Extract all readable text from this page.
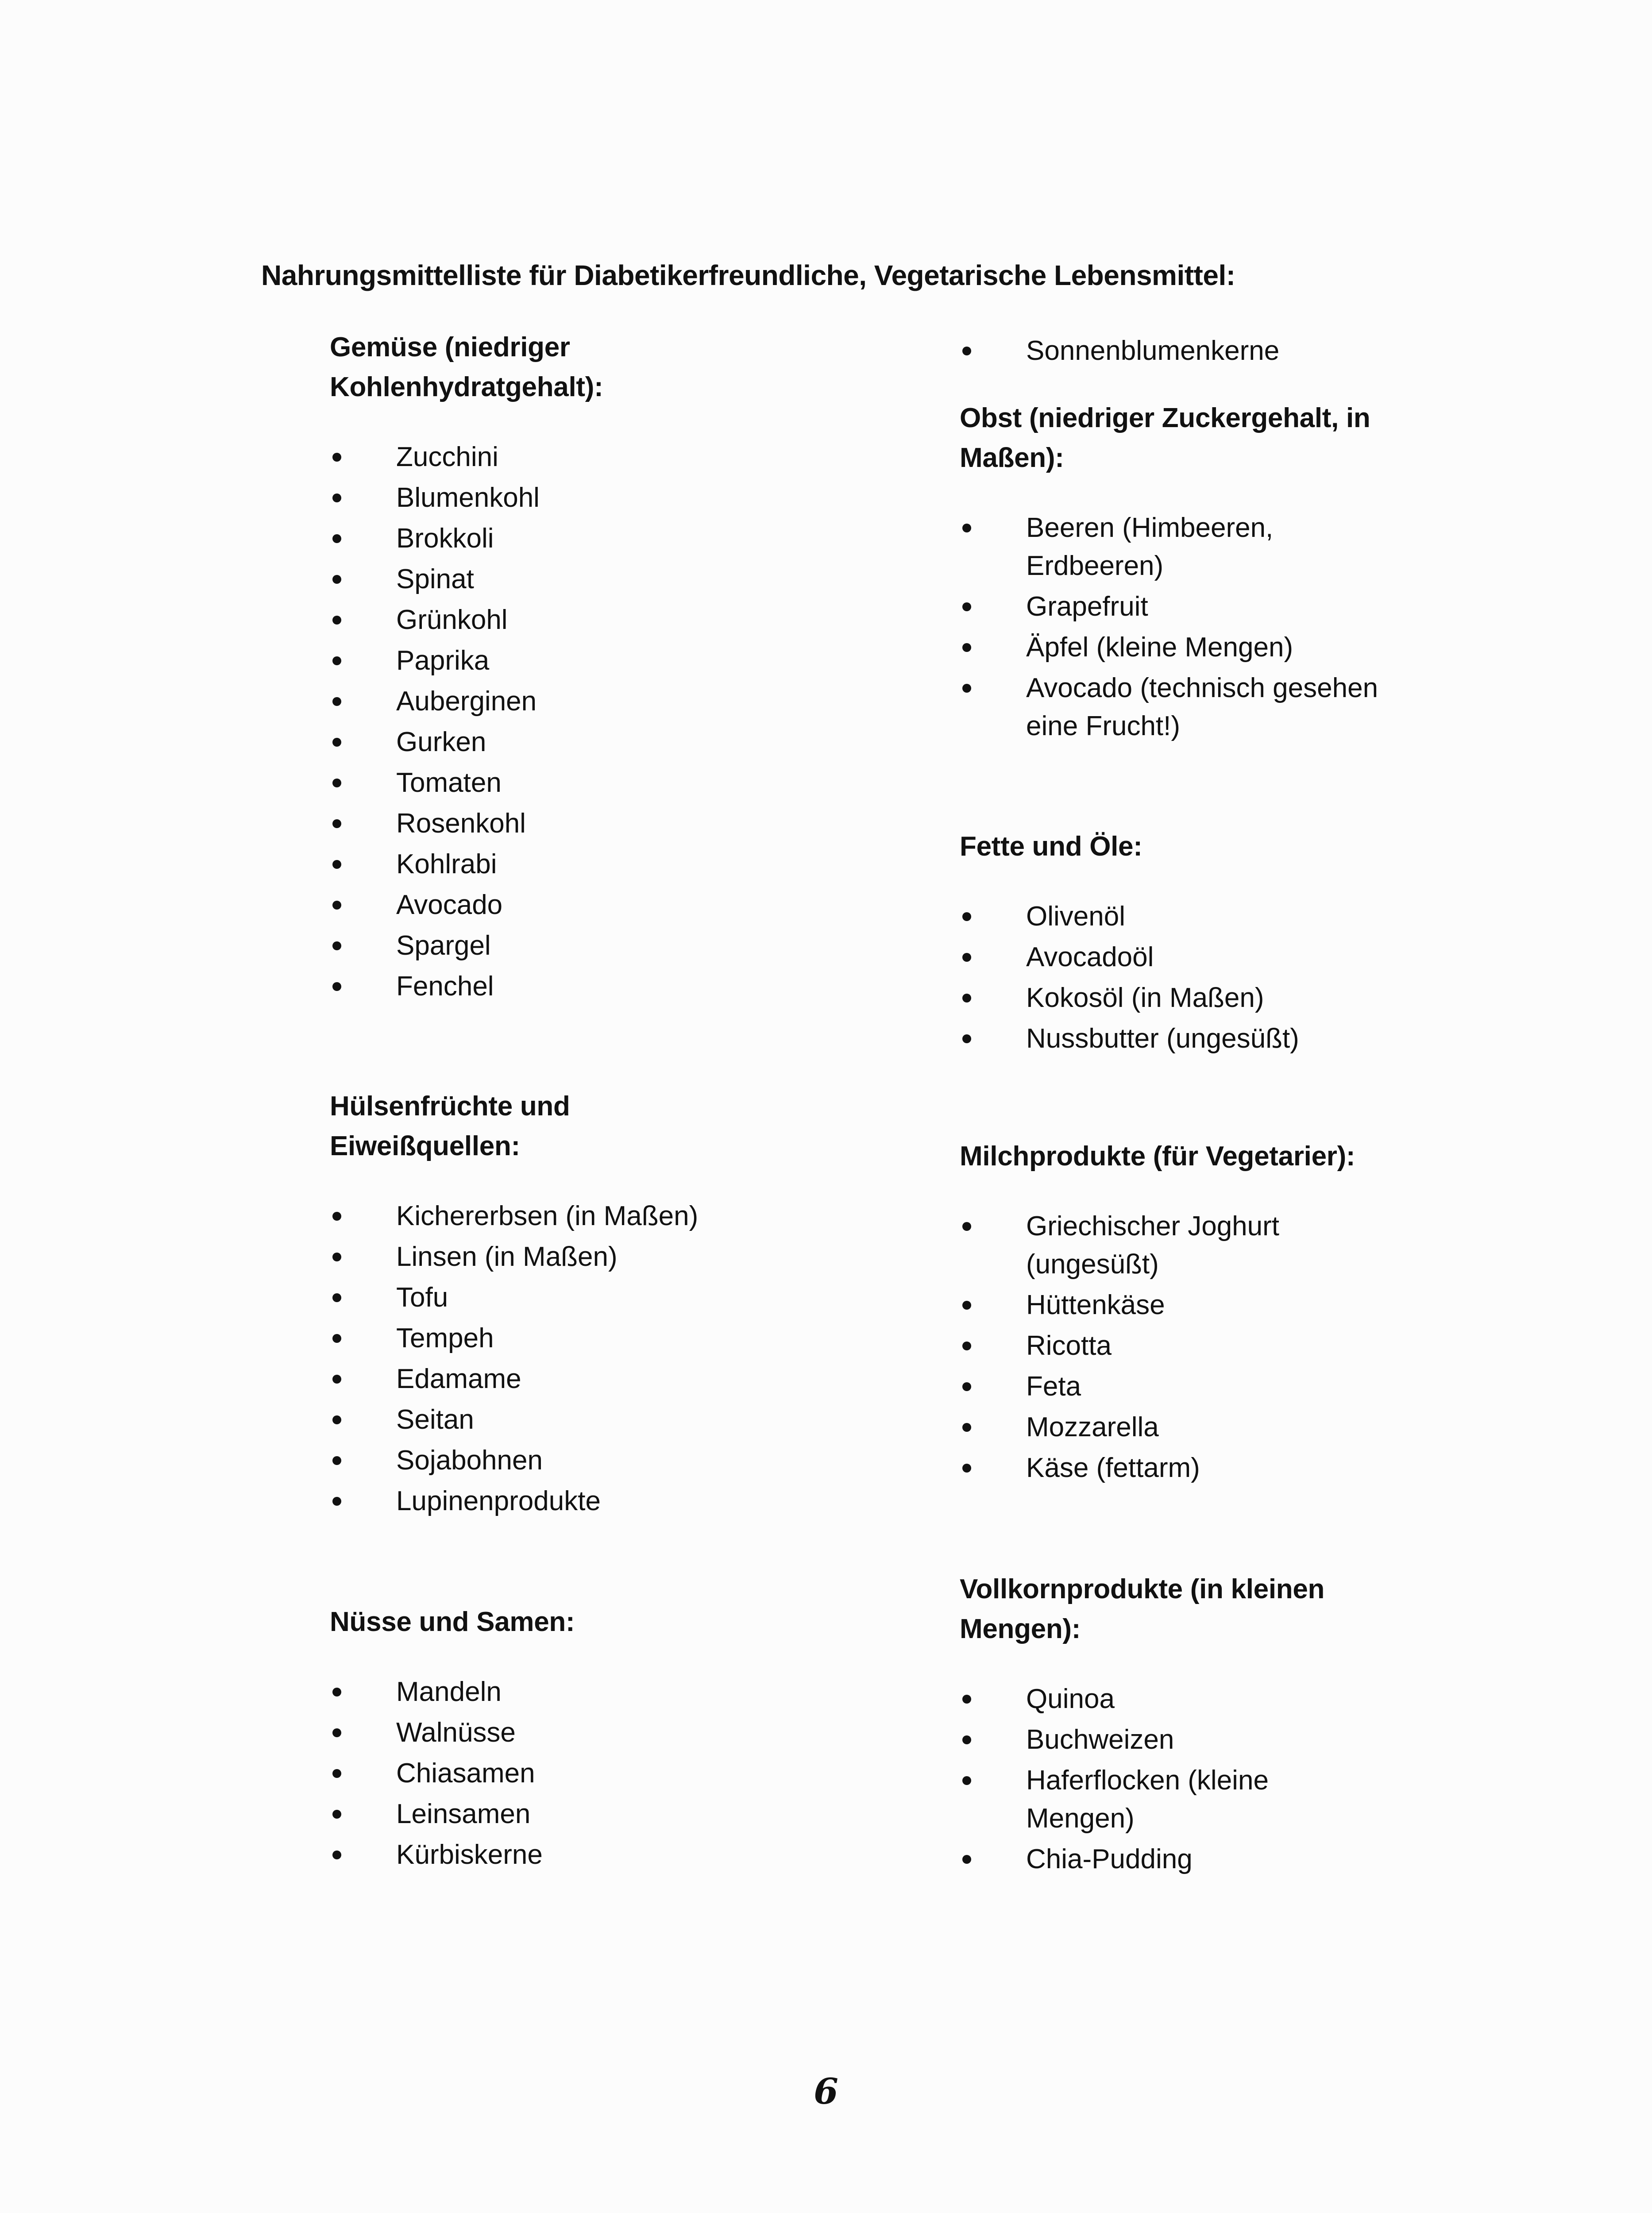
Nahrungsmittelliste für Diabetikerfreundliche, Vegetarische Lebensmittel:
Gemüse (niedriger
Kohlenhydratgehalt):
Zucchini
Blumenkohl
Brokkoli
Spinat
Grünkohl
Paprika
Auberginen
Gurken
Tomaten
Rosenkohl
Kohlrabi
Avocado
Spargel
Fenchel
Hülsenfrüchte und
Eiweißquellen:
Kichererbsen (in Maßen)
Linsen (in Maßen)
Tofu
Tempeh
Edamame
Seitan
Sojabohnen
Lupinenprodukte
Nüsse und Samen:
Mandeln
Walnüsse
Chiasamen
Leinsamen
Kürbiskerne
Sonnenblumenkerne
Obst (niedriger Zuckergehalt, in
Maßen):
Beeren (Himbeeren,
Erdbeeren)
Grapefruit
Äpfel (kleine Mengen)
Avocado (technisch gesehen
eine Frucht!)
Fette und Öle:
Olivenöl
Avocadoöl
Kokosöl (in Maßen)
Nussbutter (ungesüßt)
Milchprodukte (für Vegetarier):
Griechischer Joghurt
(ungesüßt)
Hüttenkäse
Ricotta
Feta
Mozzarella
Käse (fettarm)
Vollkornprodukte (in kleinen
Mengen):
Quinoa
Buchweizen
Haferflocken (kleine
Mengen)
Chia-Pudding
6
